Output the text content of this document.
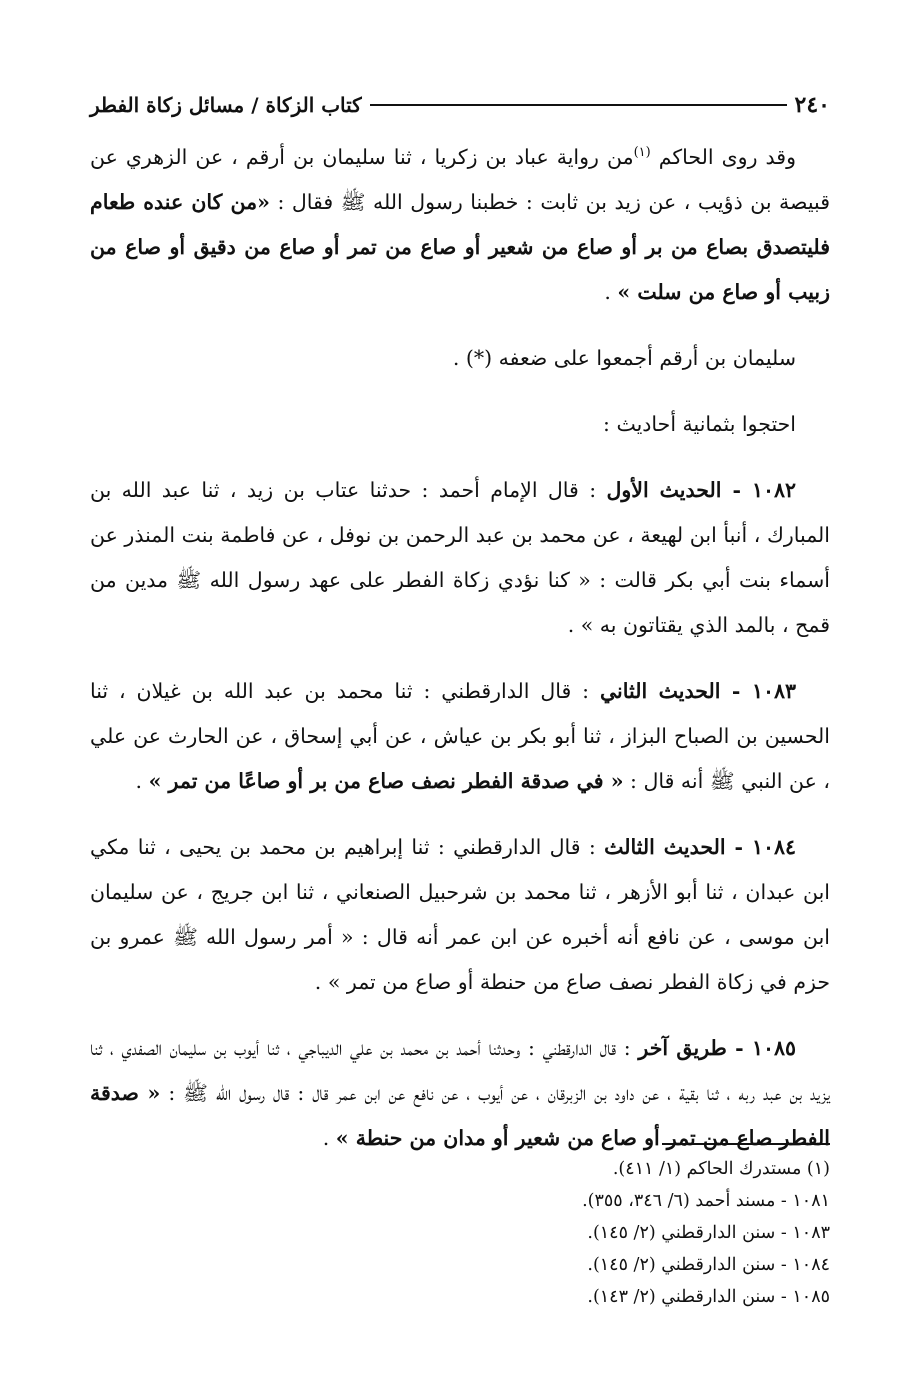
٢٤٠
كتاب الزكاة / مسائل زكاة الفطر

وقد روى الحاكم $^{(١)}$من رواية عباد بن زكريا ، ثنا سليمان بن أرقم ، عن الزهري عن قبيصة بن ذؤيب ، عن زيد بن ثابت : خطبنا رسول الله ﷺ فقال : «من كان عنده طعام فليتصدق بصاع من بر أو صاع من شعير أو صاع من تمر أو صاع من دقيق أو صاع من زبيب أو صاع من سلت » .

سليمان بن أرقم أجمعوا على ضعفه (*) .

احتجوا بثمانية أحاديث :

١٠٨٢ - الحديث الأول : قال الإمام أحمد : حدثنا عتاب بن زيد ، ثنا عبد الله بن المبارك ، أنبأ ابن لهيعة ، عن محمد بن عبد الرحمن بن نوفل ، عن فاطمة بنت المنذر عن أسماء بنت أبي بكر قالت : « كنا نؤدي زكاة الفطر على عهد رسول الله ﷺ مدين من قمح ، بالمد الذي يقتاتون به » .

١٠٨٣ - الحديث الثاني : قال الدارقطني : ثنا محمد بن عبد الله بن غيلان ، ثنا الحسين بن الصباح البزاز ، ثنا أبو بكر بن عياش ، عن أبي إسحاق ، عن الحارث عن علي ، عن النبي ﷺ أنه قال : « في صدقة الفطر نصف صاع من بر أو صاعًا من تمر » .

١٠٨٤ - الحديث الثالث : قال الدارقطني : ثنا إبراهيم بن محمد بن يحيى ، ثنا مكي ابن عبدان ، ثنا أبو الأزهر ، ثنا محمد بن شرحبيل الصنعاني ، ثنا ابن جريج ، عن سليمان ابن موسى ، عن نافع أنه أخبره عن ابن عمر أنه قال : « أمر رسول الله ﷺ عمرو بن حزم في زكاة الفطر نصف صاع من حنطة أو صاع من تمر » .

١٠٨٥ - طريق آخر : قال الدارقطني : وحدثنا أحمد بن محمد بن علي الديباجي ، ثنا أيوب بن سليمان الصفدي ، ثنا يزيد بن عبد ربه ، ثنا بقية ، عن داود بن الزبرقان ، عن أيوب ، عن نافع عن ابن عمر قال : قال رسول الله ﷺ : « صدقة الفطر صاع من تمر أو صاع من شعير أو مدان من حنطة » .

(١) مستدرك الحاكم (١/ ٤١١).

١٠٨١ - مسند أحمد (٦/ ٣٤٦، ٣٥٥).

١٠٨٣ - سنن الدارقطني (٢/ ١٤٥).

١٠٨٤ - سنن الدارقطني (٢/ ١٤٥).

١٠٨٥ - سنن الدارقطني (٢/ ١٤٣).
